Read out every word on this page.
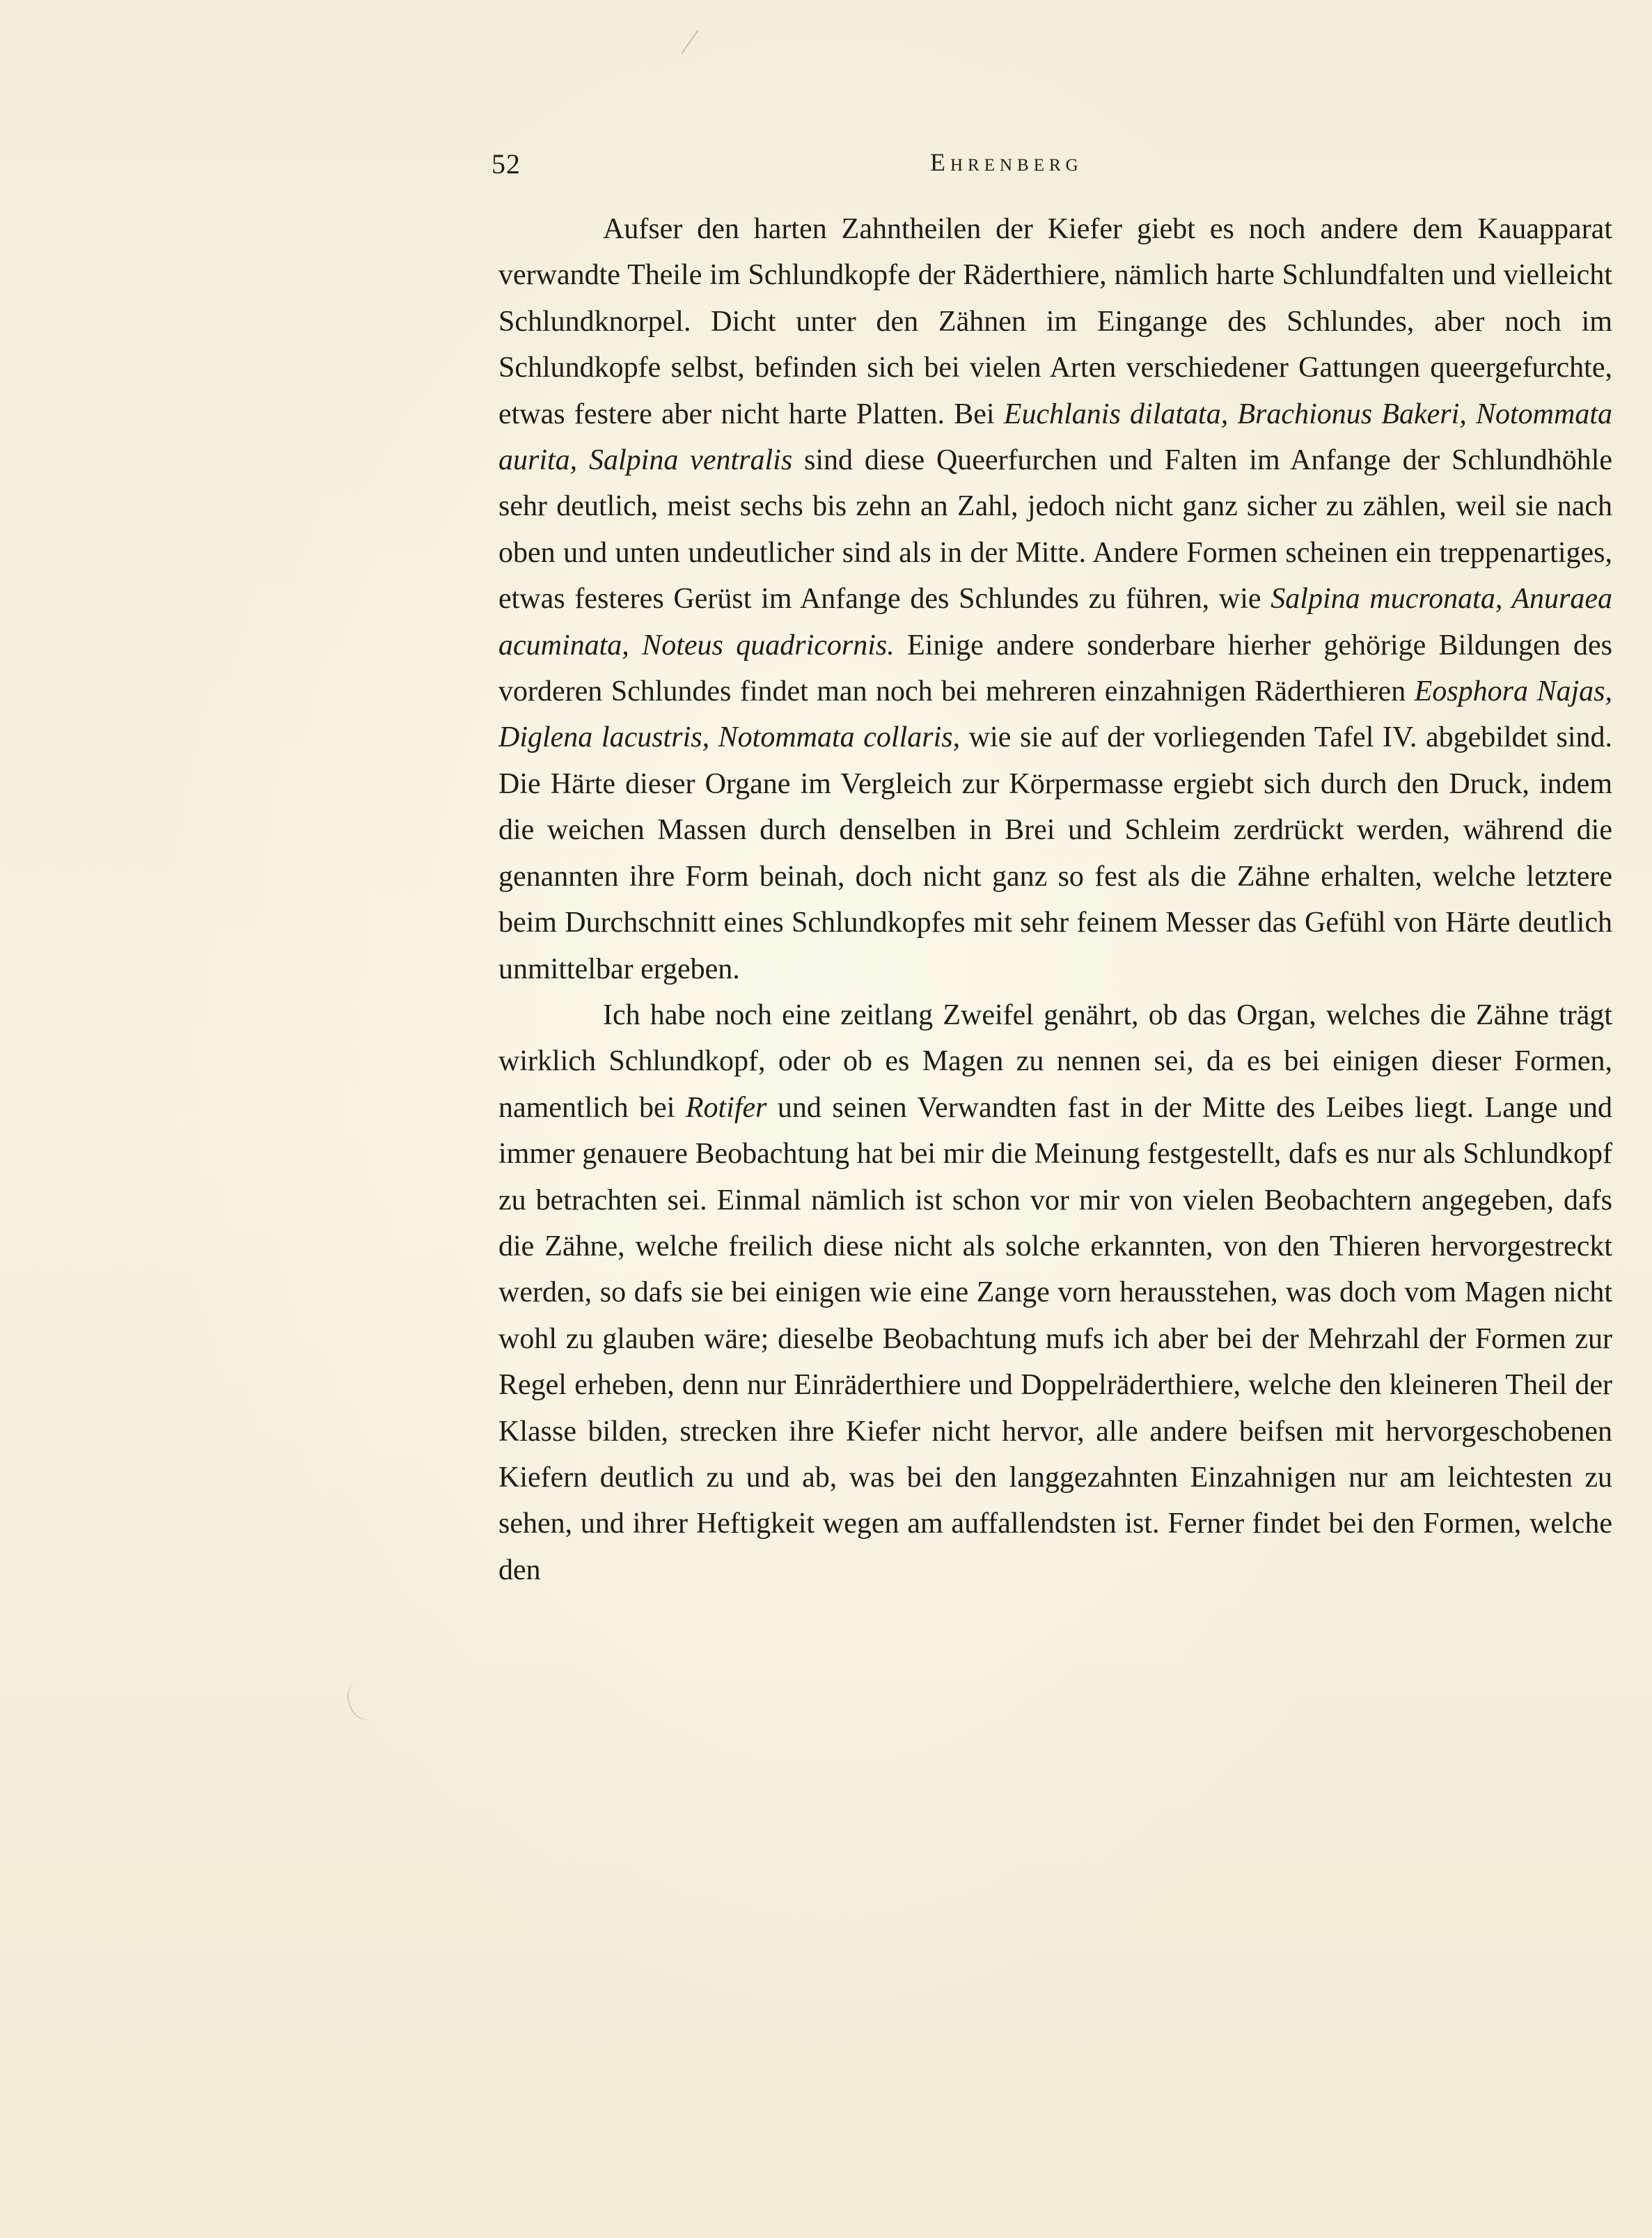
52	Ehrenberg

Aufser den harten Zahntheilen der Kiefer giebt es noch andere dem Kauapparat verwandte Theile im Schlundkopfe der Räderthiere, nämlich harte Schlundfalten und vielleicht Schlundknorpel. Dicht unter den Zähnen im Eingange des Schlundes, aber noch im Schlundkopfe selbst, befinden sich bei vielen Arten verschiedener Gattungen queergefurchte, etwas festere aber nicht harte Platten. Bei Euchlanis dilatata, Brachionus Bakeri, Notommata aurita, Salpina ventralis sind diese Queerfurchen und Falten im Anfange der Schlundhöhle sehr deutlich, meist sechs bis zehn an Zahl, jedoch nicht ganz sicher zu zählen, weil sie nach oben und unten undeutlicher sind als in der Mitte. Andere Formen scheinen ein treppenartiges, etwas festeres Gerüst im Anfange des Schlundes zu führen, wie Salpina mucronata, Anuraea acuminata, Noteus quadricornis. Einige andere sonderbare hierher gehörige Bildungen des vorderen Schlundes findet man noch bei mehreren einzahnigen Räderthieren Eosphora Najas, Diglena lacustris, Notommata collaris, wie sie auf der vorliegenden Tafel IV. abgebildet sind. Die Härte dieser Organe im Vergleich zur Körpermasse ergiebt sich durch den Druck, indem die weichen Massen durch denselben in Brei und Schleim zerdrückt werden, während die genannten ihre Form beinah, doch nicht ganz so fest als die Zähne erhalten, welche letztere beim Durchschnitt eines Schlundkopfes mit sehr feinem Messer das Gefühl von Härte deutlich unmittelbar ergeben.

Ich habe noch eine zeitlang Zweifel genährt, ob das Organ, welches die Zähne trägt wirklich Schlundkopf, oder ob es Magen zu nennen sei, da es bei einigen dieser Formen, namentlich bei Rotifer und seinen Verwandten fast in der Mitte des Leibes liegt. Lange und immer genauere Beobachtung hat bei mir die Meinung festgestellt, dafs es nur als Schlundkopf zu betrachten sei. Einmal nämlich ist schon vor mir von vielen Beobachtern angegeben, dafs die Zähne, welche freilich diese nicht als solche erkannten, von den Thieren hervorgestreckt werden, so dafs sie bei einigen wie eine Zange vorn herausstehen, was doch vom Magen nicht wohl zu glauben wäre; dieselbe Beobachtung mufs ich aber bei der Mehrzahl der Formen zur Regel erheben, denn nur Einräderthiere und Doppelräderthiere, welche den kleineren Theil der Klasse bilden, strecken ihre Kiefer nicht hervor, alle andere beifsen mit hervorgeschobenen Kiefern deutlich zu und ab, was bei den langgezahnten Einzahnigen nur am leichtesten zu sehen, und ihrer Heftigkeit wegen am auffallendsten ist. Ferner findet bei den Formen, welche den
